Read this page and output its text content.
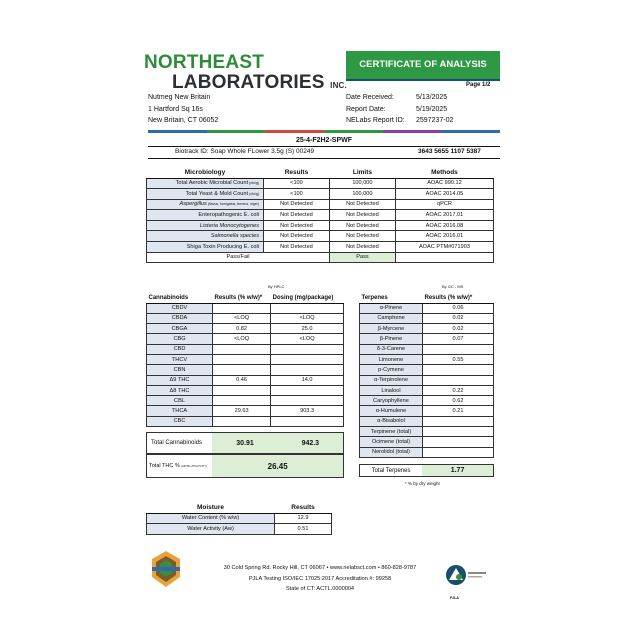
NORTHEAST
LABORATORIES INC.
CERTIFICATE OF ANALYSIS
Page 1/2
Nutmeg New Britain
1 Hartford Sq 16s
New Britain, CT 06052
Date Received:	5/13/2025
Report Date:	5/19/2025
NELabs Report ID:	2597237-02
25-4-F2H2-SPWF
Biotrack ID: Soap Whole FLower 3.5g (S) 00249	3643 5655 1107 5387
Microbiology	Results	Limits	Methods
Total Aerobic Microbial Count (cfu/g)	<100	100,000	AOAC 990.12
Total Yeast & Mold Count (cfu/g)	<100	100,000	AOAC 2014.05
Aspergillus (flavus, fumigatus, terreus, niger)	Not Detected	Not Detected	qPCR
Enteropathogenic E. coli	Not Detected	Not Detected	AOAC 2017.01
Listeria Monocytogenes	Not Detected	Not Detected	AOAC 2016.08
Salmonella species	Not Detected	Not Detected	AOAC 2016.01
Shiga Toxin Producing E. coli	Not Detected	Not Detected	AOAC PTM#071903
Pass/Fail		Pass	
By HPLC	By GC - MS
Cannabinoids	Results (% w/w)*	Dosing (mg/package)
CBDV		
CBDA	<LOQ	<LOQ
CBGA	0.82	25.0
CBG	<LOQ	<LOQ
CBD		
THCV		
CBN		
Δ9 THC	0.46	14.0
Δ8 THC		
CBL		
THCA	29.63	903.3
CBC		
Total Cannabinoids	30.91	942.3
Total THC % (Δ9THC+THCA*0.877)	26.45
Terpenes	Results (% w/w)*
α-Pinene	0.06
Camphene	0.02
β-Myrcene	0.02
β-Pinene	0.07
δ-3-Carene	
Limonene	0.55
p-Cymene	
α-Terpinolene	
Linalool	0.22
Caryophyllene	0.62
α-Humulene	0.21
α-Bisabolol	
Terpinene (total)	
Ocimene (total)	
Nerolidol (total)	
Total Terpenes	1.77
* % by dry weight
Moisture	Results
Water Content (% w/w)	12.9
Water Activity (Aw)	0.51
30 Cold Spring Rd. Rocky Hill, CT 06067 • www.nelabsct.com • 860-828-9787
PJLA Testing ISO/IEC 17025:2017 Accreditation #: 99258
State of CT: ACTL.0000004
PJLA
